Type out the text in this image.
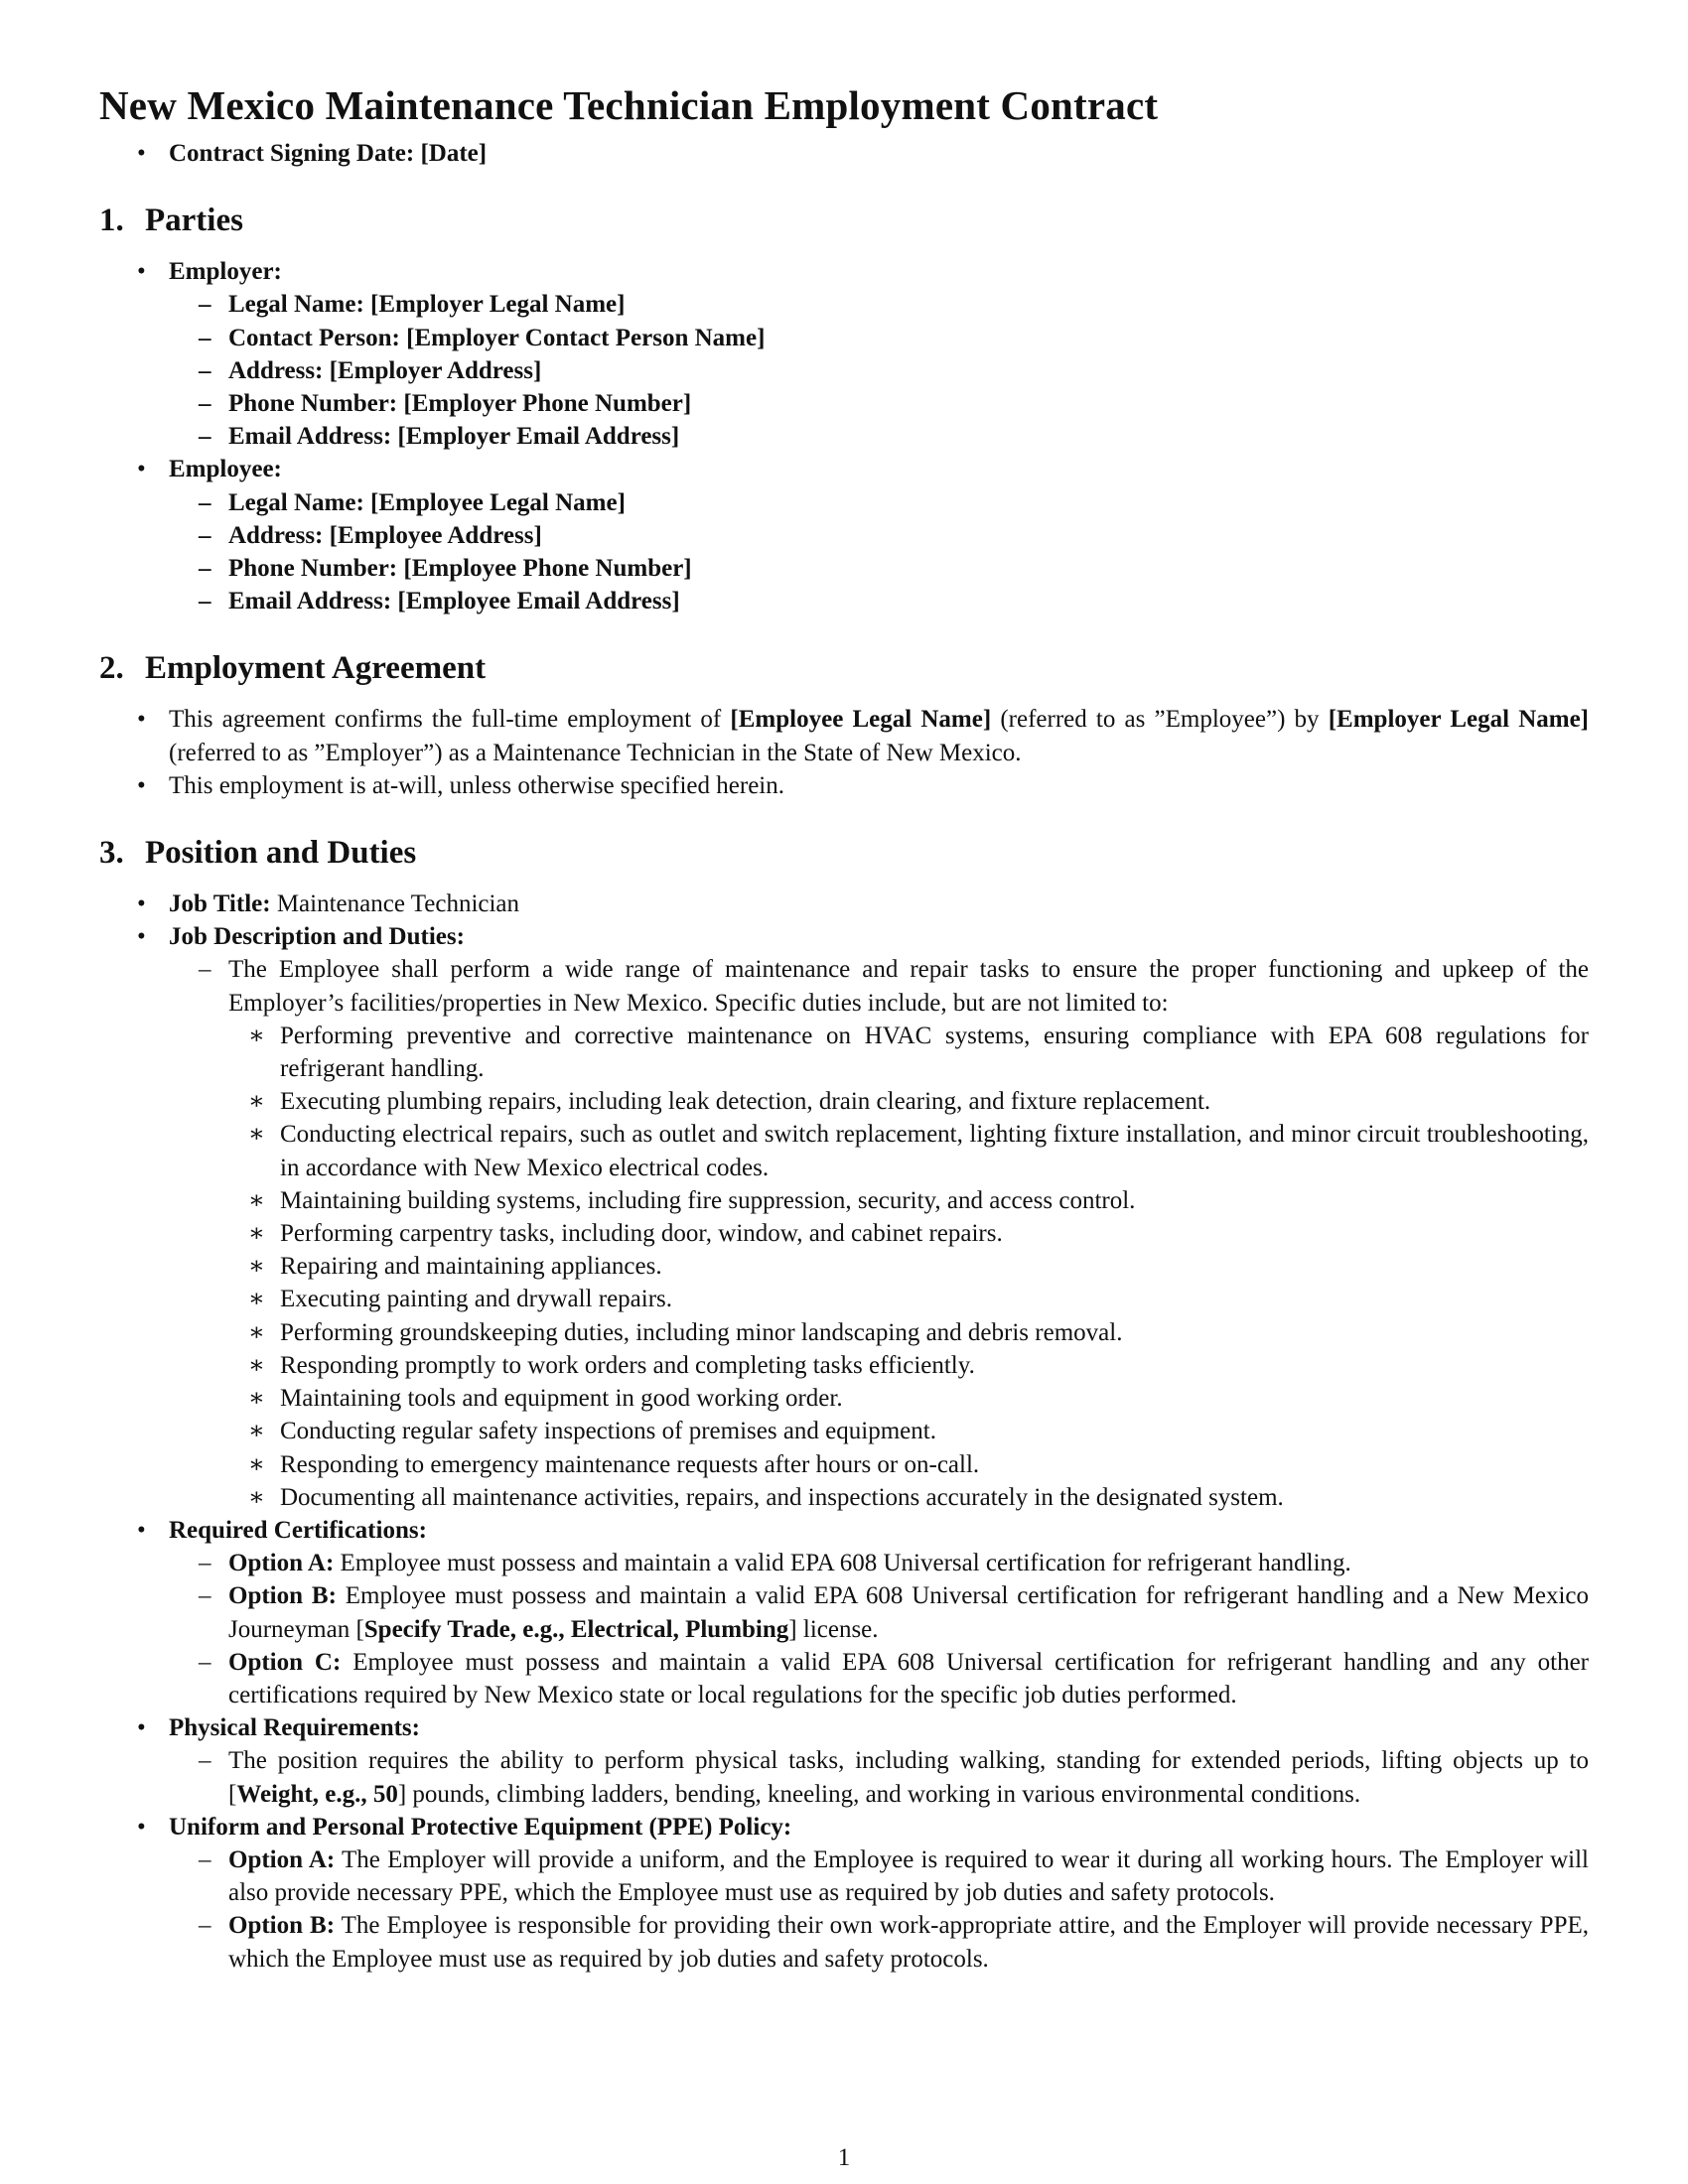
New Mexico Maintenance Technician Employment Contract
• Contract Signing Date: [Date]
1. Parties
• Employer:
– Legal Name: [Employer Legal Name]
– Contact Person: [Employer Contact Person Name]
– Address: [Employer Address]
– Phone Number: [Employer Phone Number]
– Email Address: [Employer Email Address]
• Employee:
– Legal Name: [Employee Legal Name]
– Address: [Employee Address]
– Phone Number: [Employee Phone Number]
– Email Address: [Employee Email Address]
2. Employment Agreement
• This agreement confirms the full-time employment of [Employee Legal Name] (referred to as ”Employee”) by [Employer Legal Name] (referred to as ”Employer”) as a Maintenance Technician in the State of New Mexico.
• This employment is at-will, unless otherwise specified herein.
3. Position and Duties
• Job Title: Maintenance Technician
• Job Description and Duties:
– The Employee shall perform a wide range of maintenance and repair tasks to ensure the proper functioning and upkeep of the Employer’s facilities/properties in New Mexico. Specific duties include, but are not limited to:
∗ Performing preventive and corrective maintenance on HVAC systems, ensuring compliance with EPA 608 regulations for refrigerant handling.
∗ Executing plumbing repairs, including leak detection, drain clearing, and fixture replacement.
∗ Conducting electrical repairs, such as outlet and switch replacement, lighting fixture installation, and minor circuit troubleshooting, in accordance with New Mexico electrical codes.
∗ Maintaining building systems, including fire suppression, security, and access control.
∗ Performing carpentry tasks, including door, window, and cabinet repairs.
∗ Repairing and maintaining appliances.
∗ Executing painting and drywall repairs.
∗ Performing groundskeeping duties, including minor landscaping and debris removal.
∗ Responding promptly to work orders and completing tasks efficiently.
∗ Maintaining tools and equipment in good working order.
∗ Conducting regular safety inspections of premises and equipment.
∗ Responding to emergency maintenance requests after hours or on-call.
∗ Documenting all maintenance activities, repairs, and inspections accurately in the designated system.
• Required Certifications:
– Option A: Employee must possess and maintain a valid EPA 608 Universal certification for refrigerant handling.
– Option B: Employee must possess and maintain a valid EPA 608 Universal certification for refrigerant handling and a New Mexico Journeyman [Specify Trade, e.g., Electrical, Plumbing] license.
– Option C: Employee must possess and maintain a valid EPA 608 Universal certification for refrigerant handling and any other certifications required by New Mexico state or local regulations for the specific job duties performed.
• Physical Requirements:
– The position requires the ability to perform physical tasks, including walking, standing for extended periods, lifting objects up to [Weight, e.g., 50] pounds, climbing ladders, bending, kneeling, and working in various environmental conditions.
• Uniform and Personal Protective Equipment (PPE) Policy:
– Option A: The Employer will provide a uniform, and the Employee is required to wear it during all working hours. The Employer will also provide necessary PPE, which the Employee must use as required by job duties and safety protocols.
– Option B: The Employee is responsible for providing their own work-appropriate attire, and the Employer will provide necessary PPE, which the Employee must use as required by job duties and safety protocols.
1
